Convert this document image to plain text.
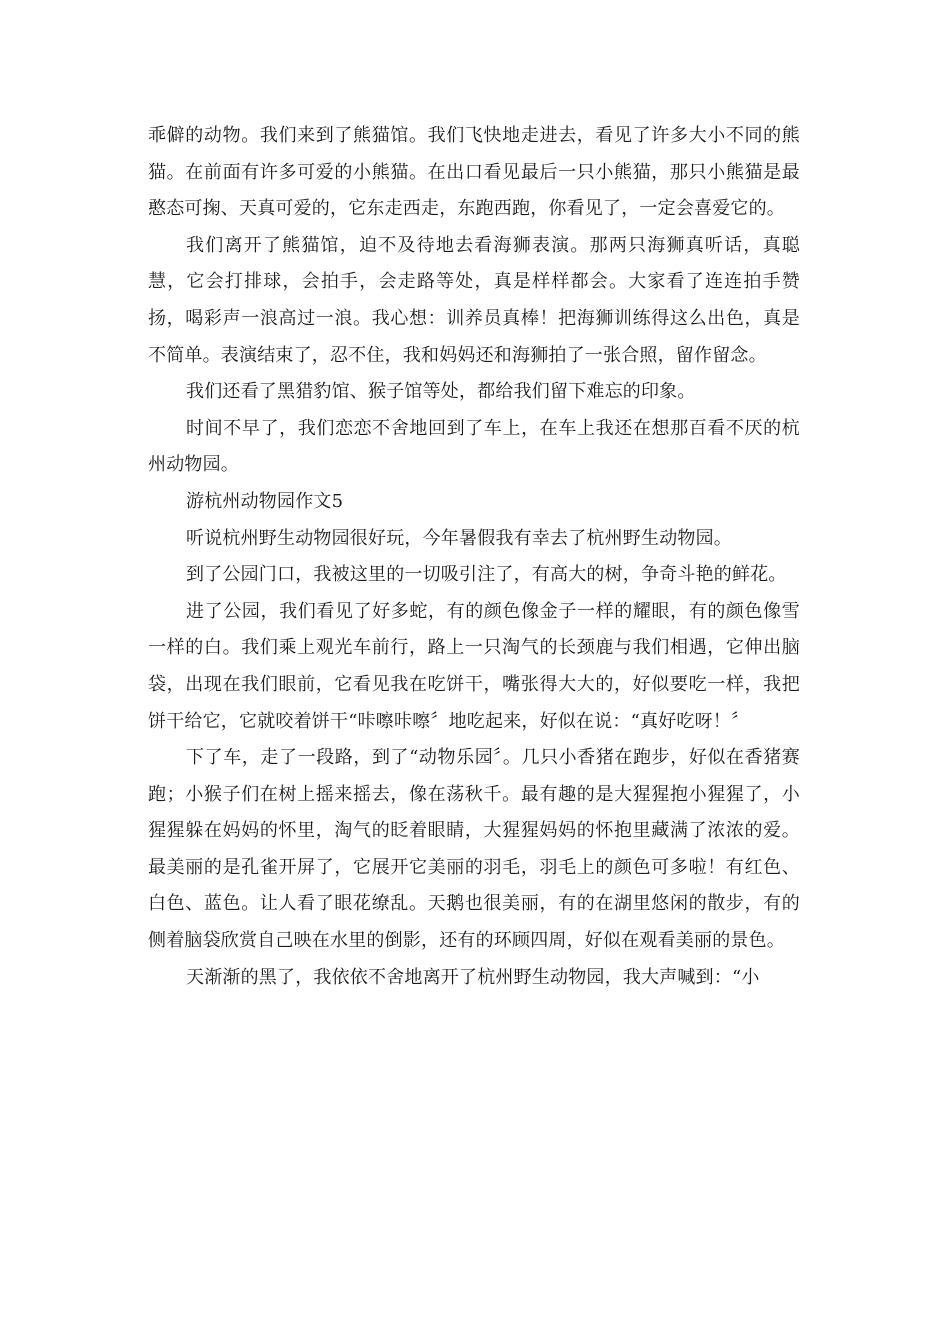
乖僻的动物。我们来到了熊猫馆。我们飞快地走进去，看见了许多大小不同的熊猫。在前面有许多可爱的小熊猫。在出口看见最后一只小熊猫，那只小熊猫是最憨态可掬、天真可爱的，它东走西走，东跑西跑，你看见了，一定会喜爱它的。

我们离开了熊猫馆，迫不及待地去看海狮表演。那两只海狮真听话，真聪慧，它会打排球，会拍手，会走路等处，真是样样都会。大家看了连连拍手赞扬，喝彩声一浪高过一浪。我心想：训养员真棒！把海狮训练得这么出色，真是不简单。表演结束了，忍不住，我和妈妈还和海狮拍了一张合照，留作留念。

我们还看了黑猎豹馆、猴子馆等处，都给我们留下难忘的印象。

时间不早了，我们恋恋不舍地回到了车上，在车上我还在想那百看不厌的杭州动物园。

游杭州动物园作文5

听说杭州野生动物园很好玩，今年暑假我有幸去了杭州野生动物园。

到了公园门口，我被这里的一切吸引注了，有高大的树，争奇斗艳的鲜花。

进了公园，我们看见了好多蛇，有的颜色像金子一样的耀眼，有的颜色像雪一样的白。我们乘上观光车前行，路上一只淘气的长颈鹿与我们相遇，它伸出脑袋，出现在我们眼前，它看见我在吃饼干，嘴张得大大的，好似要吃一样，我把饼干给它，它就咬着饼干“咔嚓咔嚓〞地吃起来，好似在说：“真好吃呀！〞

下了车，走了一段路，到了“动物乐园〞。几只小香猪在跑步，好似在香猪赛跑；小猴子们在树上摇来摇去，像在荡秋千。最有趣的是大猩猩抱小猩猩了，小猩猩躲在妈妈的怀里，淘气的眨着眼睛，大猩猩妈妈的怀抱里藏满了浓浓的爱。最美丽的是孔雀开屏了，它展开它美丽的羽毛，羽毛上的颜色可多啦！有红色、白色、蓝色。让人看了眼花缭乱。天鹅也很美丽，有的在湖里悠闲的散步，有的侧着脑袋欣赏自己映在水里的倒影，还有的环顾四周，好似在观看美丽的景色。

天渐渐的黑了，我依依不舍地离开了杭州野生动物园，我大声喊到：“小
